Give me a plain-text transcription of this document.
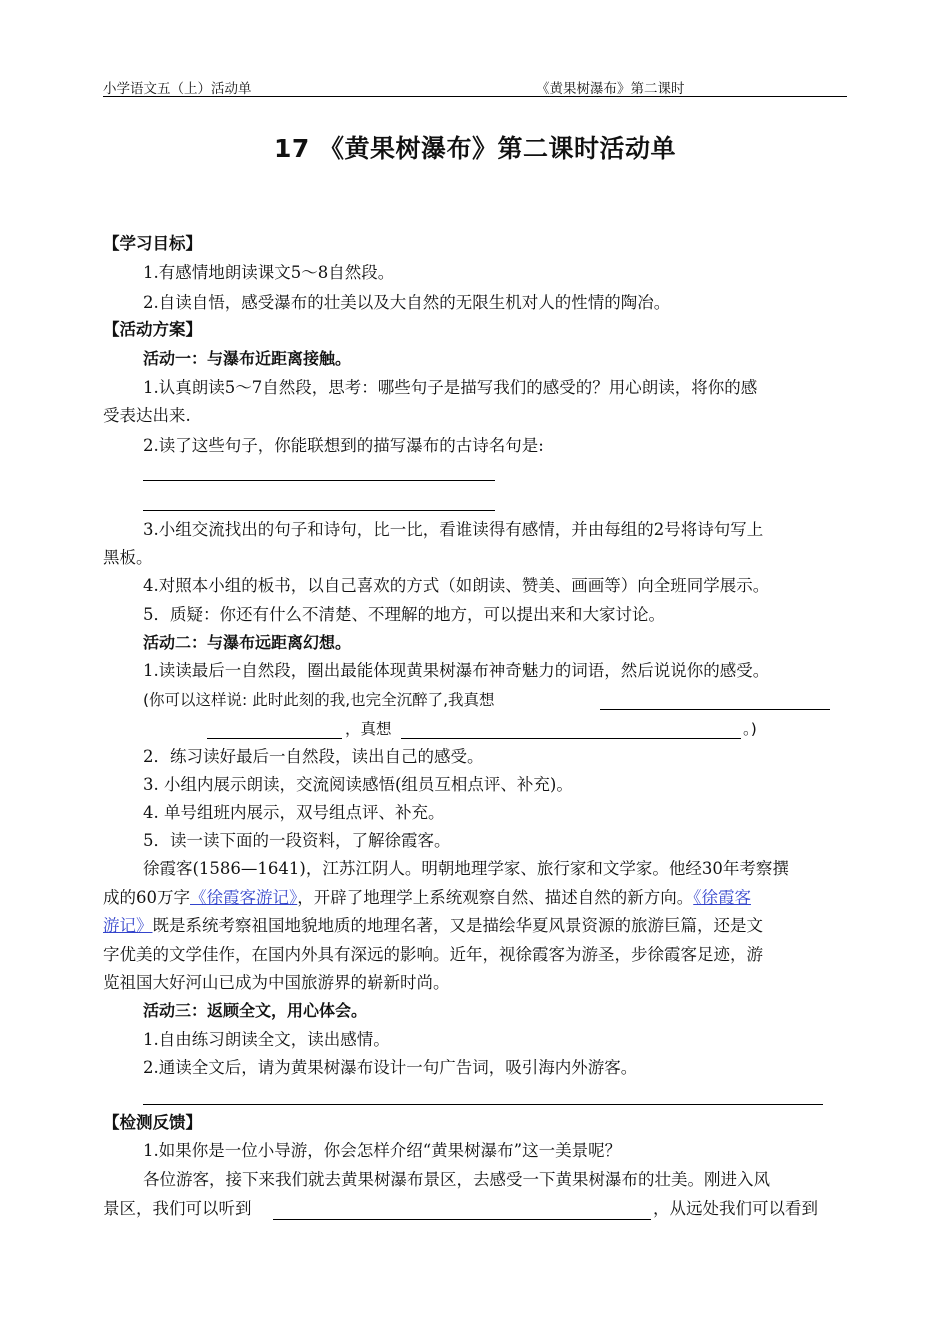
小学语文五（上）活动单	《黄果树瀑布》第二课时
17 《黄果树瀑布》第二课时活动单
【学习目标】
1.有感情地朗读课文5～8自然段。
2.自读自悟，感受瀑布的壮美以及大自然的无限生机对人的性情的陶冶。
【活动方案】
活动一：与瀑布近距离接触。
1.认真朗读5～7自然段，思考：哪些句子是描写我们的感受的？用心朗读，将你的感
受表达出来.
2.读了这些句子，你能联想到的描写瀑布的古诗名句是:
3.小组交流找出的句子和诗句，比一比，看谁读得有感情，并由每组的2号将诗句写上
黑板。
4.对照本小组的板书，以自己喜欢的方式（如朗读、赞美、画画等）向全班同学展示。
5．质疑：你还有什么不清楚、不理解的地方，可以提出来和大家讨论。
活动二：与瀑布远距离幻想。
1.读读最后一自然段，圈出最能体现黄果树瀑布神奇魅力的词语，然后说说你的感受。
(你可以这样说: 此时此刻的我,也完全沉醉了,我真想
，真想	。)
2．练习读好最后一自然段，读出自己的感受。
3. 小组内展示朗读，交流阅读感悟(组员互相点评、补充)。
4. 单号组班内展示，双号组点评、补充。
5．读一读下面的一段资料，了解徐霞客。
徐霞客(1586—1641)，江苏江阴人。明朝地理学家、旅行家和文学家。他经30年考察撰
成的60万字《徐霞客游记》，开辟了地理学上系统观察自然、描述自然的新方向。《徐霞客
游记》既是系统考察祖国地貌地质的地理名著，又是描绘华夏风景资源的旅游巨篇，还是文
字优美的文学佳作，在国内外具有深远的影响。近年，视徐霞客为游圣，步徐霞客足迹，游
览祖国大好河山已成为中国旅游界的崭新时尚。
活动三：返顾全文，用心体会。
1.自由练习朗读全文，读出感情。
2.通读全文后，请为黄果树瀑布设计一句广告词，吸引海内外游客。
【检测反馈】
1.如果你是一位小导游，你会怎样介绍“黄果树瀑布”这一美景呢？
各位游客，接下来我们就去黄果树瀑布景区，去感受一下黄果树瀑布的壮美。刚进入风
景区，我们可以听到	，从远处我们可以看到
